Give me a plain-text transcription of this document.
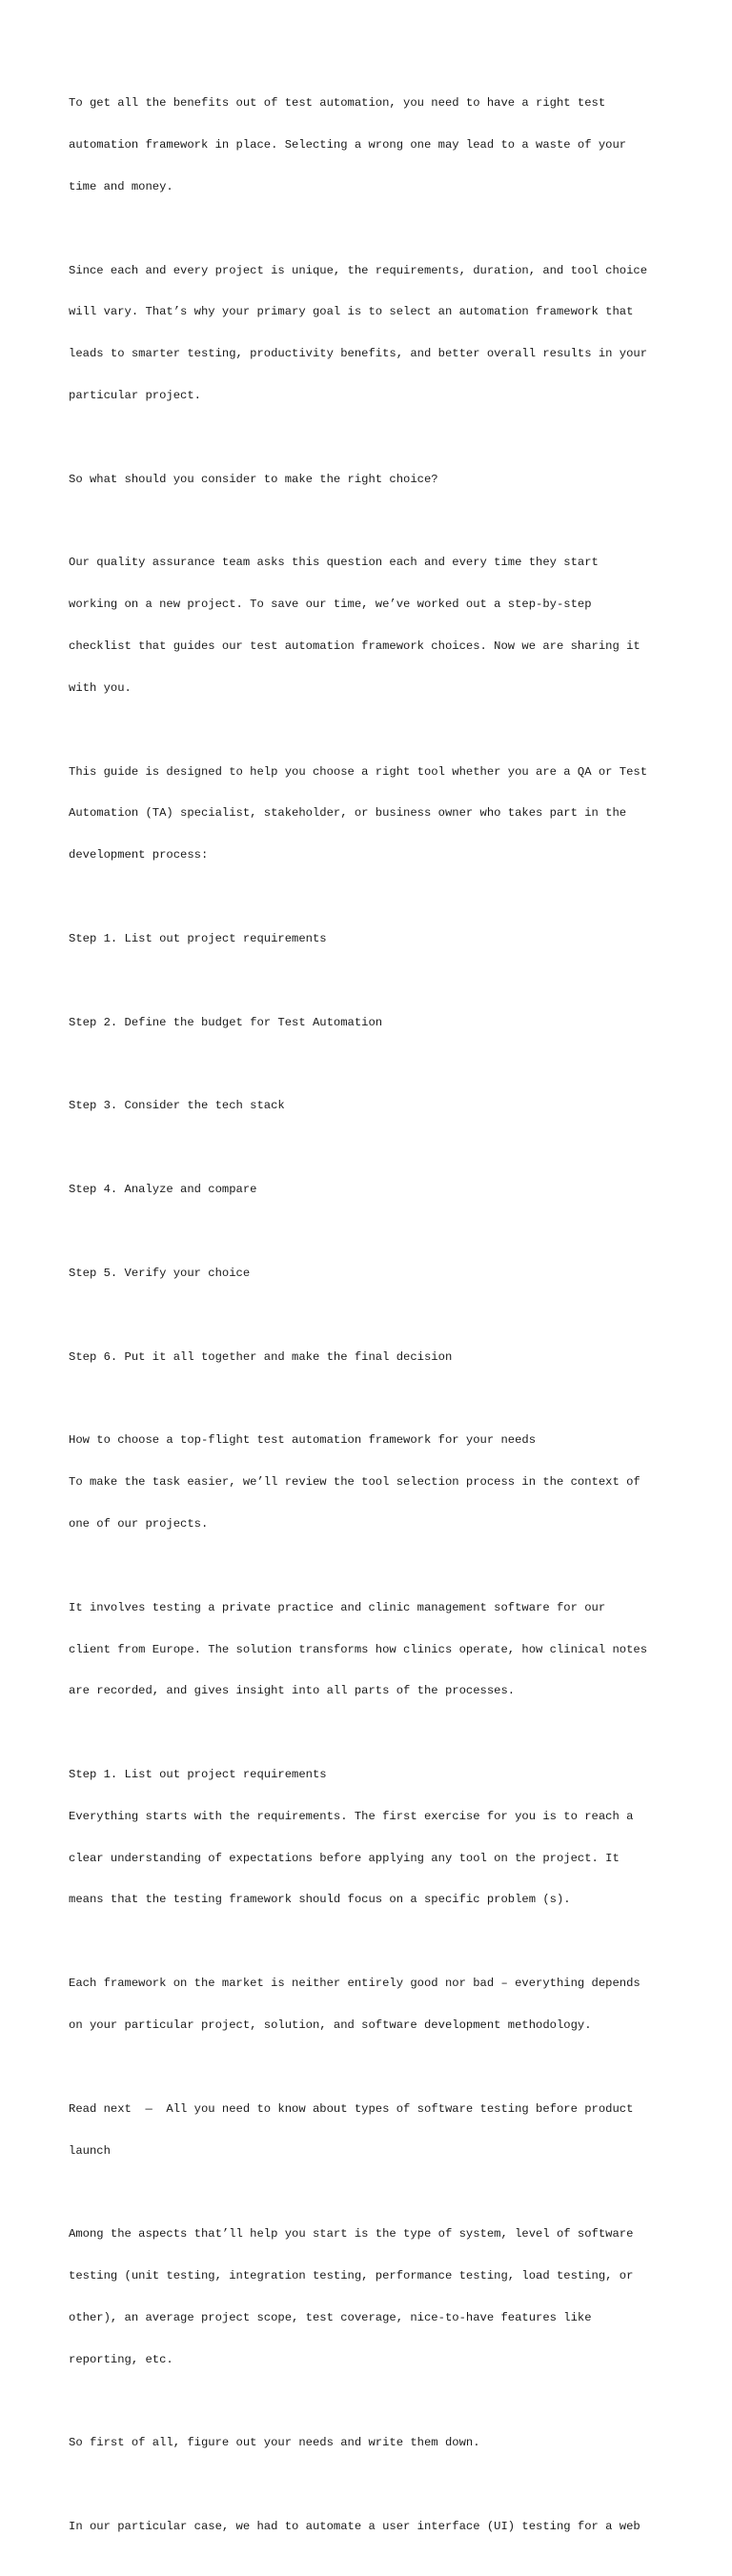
To get all the benefits out of test automation, you need to have a right test

automation framework in place. Selecting a wrong one may lead to a waste of your

time and money.

Since each and every project is unique, the requirements, duration, and tool choice

will vary. That’s why your primary goal is to select an automation framework that

leads to smarter testing, productivity benefits, and better overall results in your

particular project.

So what should you consider to make the right choice?

Our quality assurance team asks this question each and every time they start

working on a new project. To save our time, we’ve worked out a step-by-step

checklist that guides our test automation framework choices. Now we are sharing it

with you.

This guide is designed to help you choose a right tool whether you are a QA or Test

Automation (TA) specialist, stakeholder, or business owner who takes part in the

development process:

Step 1. List out project requirements

Step 2. Define the budget for Test Automation

Step 3. Consider the tech stack

Step 4. Analyze and compare

Step 5. Verify your choice

Step 6. Put it all together and make the final decision

How to choose a top-flight test automation framework for your needs

To make the task easier, we’ll review the tool selection process in the context of

one of our projects.

It involves testing a private practice and clinic management software for our

client from Europe. The solution transforms how clinics operate, how clinical notes

are recorded, and gives insight into all parts of the processes.

Step 1. List out project requirements

Everything starts with the requirements. The first exercise for you is to reach a

clear understanding of expectations before applying any tool on the project. It

means that the testing framework should focus on a specific problem (s).

Each framework on the market is neither entirely good nor bad – everything depends

on your particular project, solution, and software development methodology.

Read next  —  All you need to know about types of software testing before product

launch

Among the aspects that’ll help you start is the type of system, level of software

testing (unit testing, integration testing, performance testing, load testing, or

other), an average project scope, test coverage, nice-to-have features like

reporting, etc.

So first of all, figure out your needs and write them down.

In our particular case, we had to automate a user interface (UI) testing for a web
